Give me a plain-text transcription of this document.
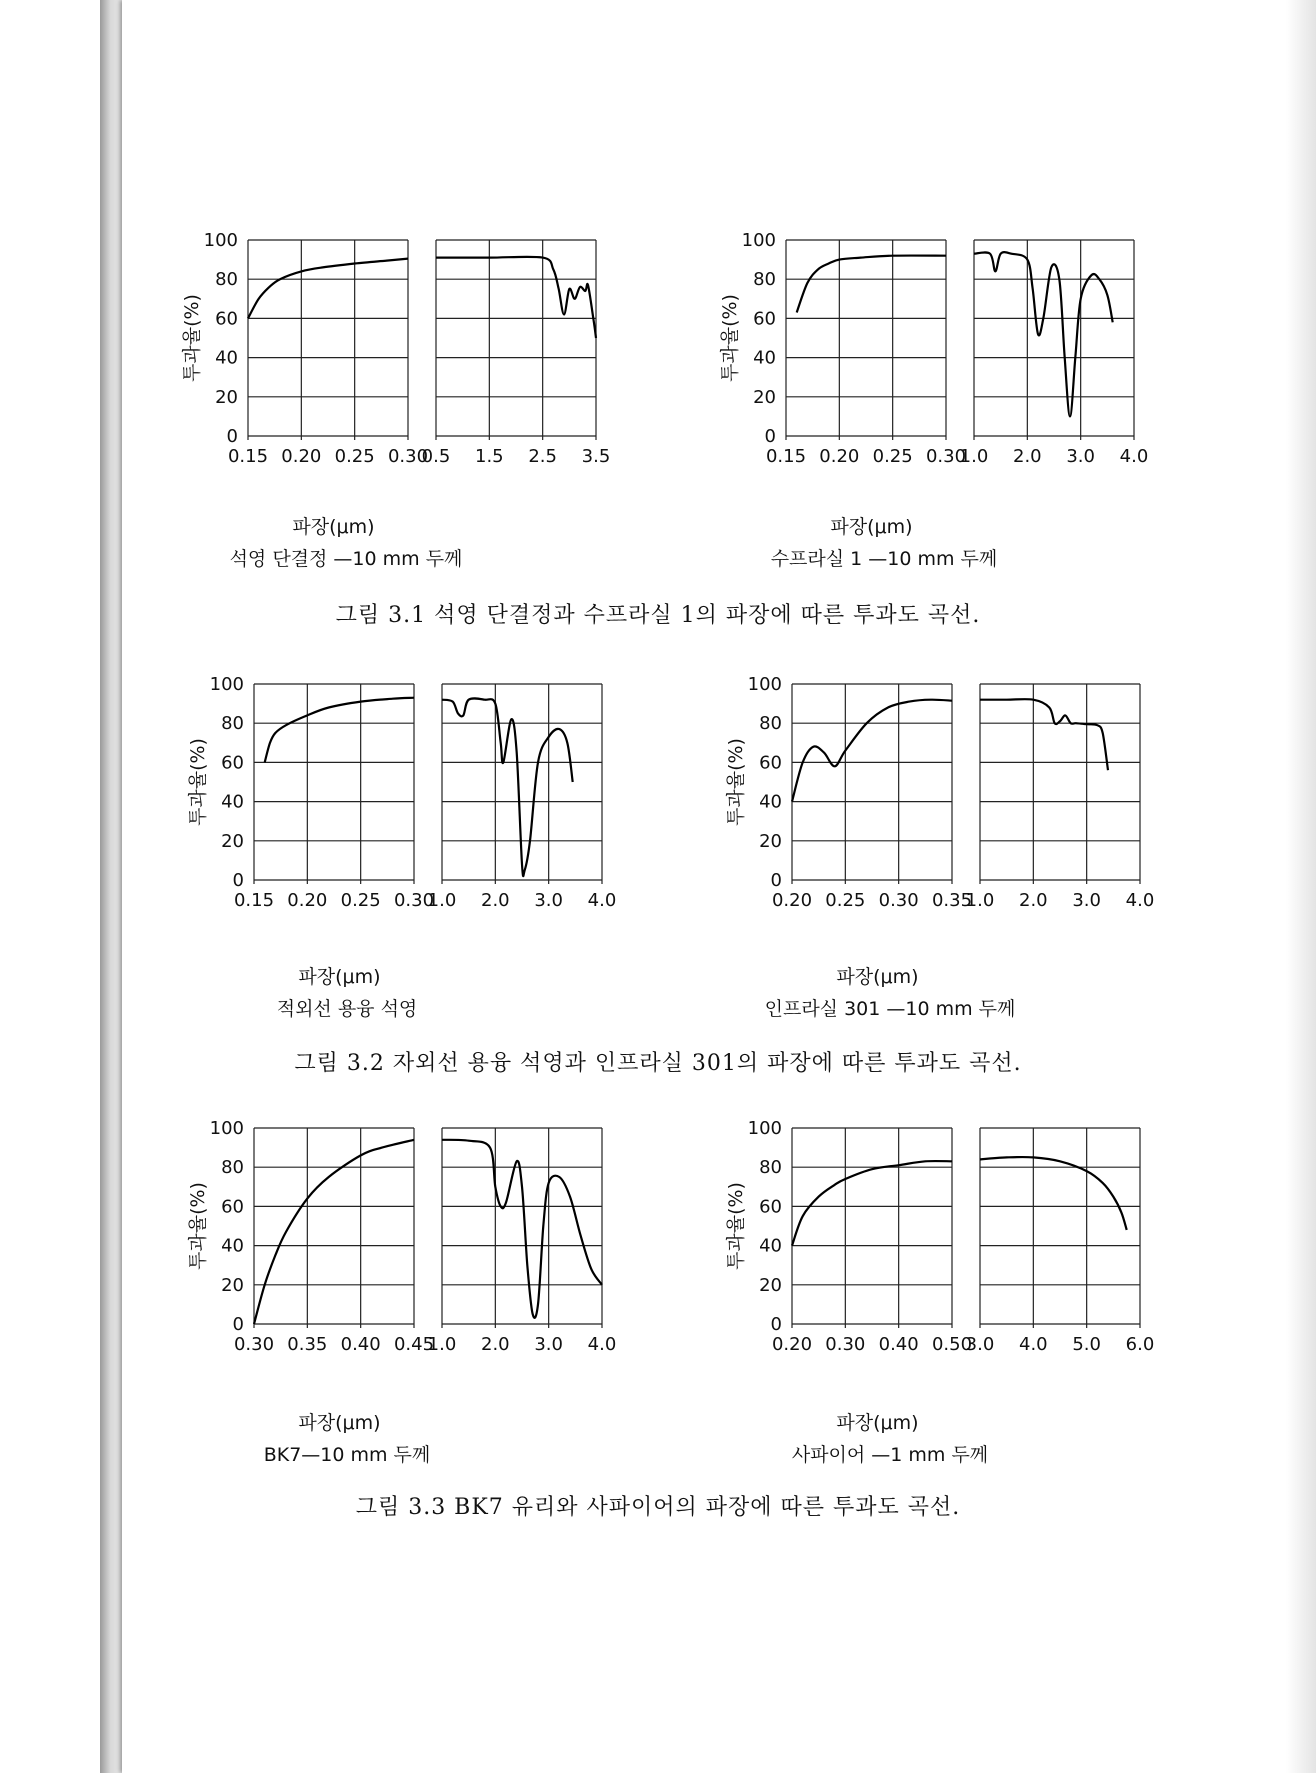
100
80
60
40
20
0
투과율(%)
0.15 0.20 0.25 0.30
0.5 1.5 2.5 3.5
파장(μm)
석영 단결정 —10 mm 두께
100
80
60
40
20
0
투과율(%)
0.15 0.20 0.25 0.30
1.0 2.0 3.0 4.0
파장(μm)
수프라실 1 —10 mm 두께
그림 3.1 석영 단결정과 수프라실 1의 파장에 따른 투과도 곡선.
100
80
60
40
20
0
투과율(%)
0.15 0.20 0.25 0.30
1.0 2.0 3.0 4.0
파장(μm)
적외선 용융 석영
100
80
60
40
20
0
투과율(%)
0.20 0.25 0.30 0.35
1.0 2.0 3.0 4.0
파장(μm)
인프라실 301 —10 mm 두께
그림 3.2 자외선 용융 석영과 인프라실 301의 파장에 따른 투과도 곡선.
100
80
60
40
20
0
투과율(%)
0.30 0.35 0.40 0.45
1.0 2.0 3.0 4.0
파장(μm)
BK7—10 mm 두께
100
80
60
40
20
0
투과율(%)
0.20 0.30 0.40 0.50
3.0 4.0 5.0 6.0
파장(μm)
사파이어 —1 mm 두께
그림 3.3 BK7 유리와 사파이어의 파장에 따른 투과도 곡선.
